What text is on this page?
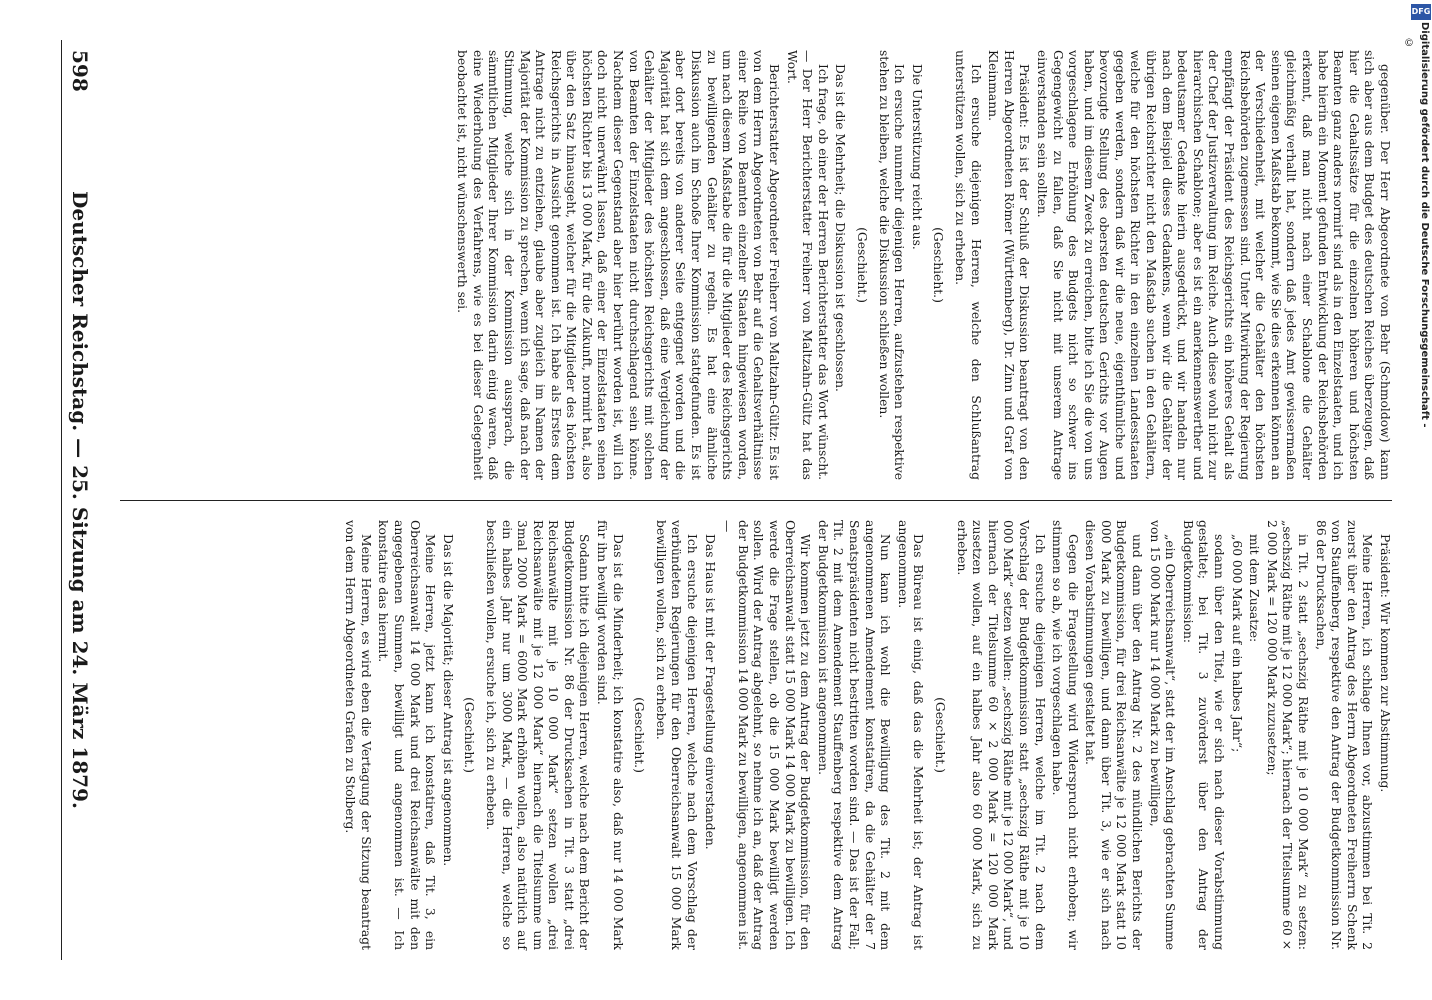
598
Deutscher Reichstag. — 25. Sitzung am 24. März 1879.	gegenüber. Der Herr Abgeordnete von Behr (Schmoldow) kann sich aber aus dem Budget des deutschen Reiches überzeugen, daß hier die Gehaltssätze für die einzelnen höheren und höchsten Beamten ganz anders normirt sind als in den Einzelstaaten, und ich habe hierin ein Moment gefunden Entwicklung der Reichsbehörden erkennt, daß man nicht nach einer Schablone die Gehälter gleichmäßig verhallt hat, sondern daß jedes Amt gewissermaßen seinen eigenen Maßstab bekommt, wie Sie dies erkennen können an der Verschiedenheit, mit welcher die Gehälter den höchsten Reichsbehörden zugemessen sind. Unter Mitwirkung der Regierung empfängt der Präsident des Reichsgerichts ein höheres Gehalt als der Chef der Justizverwaltung im Reiche. Auch diese wohl nicht zur hierarchischen Schablone; aber es ist ein anerkennenswerther und bedeutsamer Gedanke hierin ausgedrückt, und wir handeln nur nach dem Beispiel dieses Gedankens, wenn wir die Gehälter der übrigen Reichsrichter nicht den Maßstab suchen in den Gehältern, welche für den höchsten Richter in den einzelnen Landesstaaten gegeben werden, sondern daß wir die neue, eigenthümliche und bevorzugte Stellung des obersten deutschen Gerichts vor Augen haben, und im diesem Zweck zu erreichen, bitte ich Sie die von uns vorgeschlagene Erhöhung des Budgets nicht so schwer ins Gegengewicht zu fallen, daß Sie nicht mit unserem Antrage einverstanden sein sollten.

Präsident: Es ist der Schluß der Diskussion beantragt von den Herren Abgeordneten Römer (Württemberg), Dr. Zinn und Graf von Kleinmann.

Ich ersuche diejenigen Herren, welche den Schlußantrag unterstützen wollen, sich zu erheben.

(Geschieht.)

Die Unterstützung reicht aus.

Ich ersuche nunmehr diejenigen Herren, aufzustehen respektive stehen zu bleiben, welche die Diskussion schließen wollen.

(Geschieht.)

Das ist die Mehrheit; die Diskussion ist geschlossen.

Ich frage, ob einer der Herren Berichterstatter das Wort wünscht. — Der Herr Berichterstatter Freiherr von Maltzahn-Gültz hat das Wort.

Berichterstatter Abgeordneter Freiherr von Maltzahn-Gültz: Es ist von dem Herrn Abgeordneten von Behr auf die Gehaltsverhältnisse einer Reihe von Beamten einzelner Staaten hingewiesen worden, um nach diesem Maßstabe die für die Mitglieder des Reichsgerichts zu bewilligenden Gehälter zu regeln. Es hat eine ähnliche Diskussion auch im Schoße Ihrer Kommission stattgefunden. Es ist aber dort bereits von anderer Seite entgegnet worden und die Majorität hat sich dem angeschlossen, daß eine Vergleichung der Gehälter der Mitglieder des höchsten Reichsgerichts mit solchen von Beamten der Einzelstaaten nicht durchschlagend sein könne. Nachdem dieser Gegenstand aber hier berührt worden ist, will ich doch nicht unerwähnt lassen, daß einer der Einzelstaaten seinen höchsten Richter bis 13 000 Mark, für die Zukunft, normirt hat, also über den Satz hinausgeht, welcher für die Mitglieder des höchsten Reichsgerichts in Aussicht genommen ist. Ich habe als Erstes dem Antrage nicht zu entziehen, glaube aber zugleich im Namen der Majorität der Kommission zu sprechen, wenn ich sage, daß nach der Stimmung, welche sich in der Kommission aussprach, die sämmtlichen Mitglieder Ihrer Kommission darin einig waren, daß eine Wiederholung des Verfahrens, wie es bei dieser Gelegenheit beobachtet ist, nicht wünschenswerth sei.

Präsident: Wir kommen zur Abstimmung.

Meine Herren, ich schlage Ihnen vor, abzustimmen bei Tit. 2 zuerst über den Antrag des Herrn Abgeordneten Freiherrn Schenk von Stauffenberg, respektive den Antrag der Budgetkommission Nr. 86 der Drucksachen,

in Tit. 2 statt „sechszig Räthe mit je 10 000 Mark“ zu setzen: „sechszig Räthe mit je 12 000 Mark“; hiernach der Titelsumme 60 × 2 000 Mark = 120 000 Mark zuzusetzen;

mit dem Zusatze:

„60 000 Mark auf ein halbes Jahr“;

sodann über den Titel, wie er sich nach dieser Vorabstimmung gestaltet; bei Tit. 3 zuvörderst über den Antrag der Budgetkommission:

„ein Oberreichsanwalt“, statt der im Anschlag gebrachten Summe von 15 000 Mark nur 14 000 Mark zu bewilligen,

und dann über den Antrag Nr. 2 des mündlichen Berichts der Budgetkommission, für drei Reichsanwälte je 12 000 Mark statt 10 000 Mark zu bewilligen, und dann über Tit. 3, wie er sich nach diesen Vorabstimmungen gestaltet hat.

Gegen die Fragestellung wird Widerspruch nicht erhoben; wir stimmen so ab, wie ich vorgeschlagen habe.

Ich ersuche diejenigen Herren, welche im Tit. 2 nach dem Vorschlag der Budgetkommission statt „sechszig Räthe mit je 10 000 Mark“ setzen wollen: „sechszig Räthe mit je 12 000 Mark“, und hiernach der Titelsumme 60 × 2 000 Mark = 120 000 Mark zusetzen wollen, auf ein halbes Jahr also 60 000 Mark, sich zu erheben.

(Geschieht.)

Das Büreau ist einig, daß das die Mehrheit ist; der Antrag ist angenommen.

Nun kann ich wohl die Bewilligung des Tit. 2 mit dem angenommenen Amendement konstatiren, da die Gehälter der 7 Senatspräsidenten nicht bestritten worden sind. — Das ist der Fall; Tit. 2 mit dem Amendement Stauffenberg respektive dem Antrag der Budgetkommission ist angenommen.

Wir kommen jetzt zu dem Antrag der Budgetkommission, für den Oberreichsanwalt statt 15 000 Mark 14 000 Mark zu bewilligen. Ich werde die Frage stellen, ob die 15 000 Mark bewilligt werden sollen. Wird der Antrag abgelehnt, so nehme ich an, daß der Antrag der Budgetkommission 14 000 Mark zu bewilligen, angenommen ist. —

Das Haus ist mit der Fragestellung einverstanden.

Ich ersuche diejenigen Herren, welche nach dem Vorschlag der verbündeten Regierungen für den Oberreichsanwalt 15 000 Mark bewilligen wollen, sich zu erheben.

(Geschieht.)

Das ist die Minderheit; ich konstatire also, daß nur 14 000 Mark für ihn bewilligt worden sind.

Sodann bitte ich diejenigen Herren, welche nach dem Bericht der Budgetkommission Nr. 86 der Drucksachen in Tit. 3 statt „drei Reichsanwälte mit je 10 000 Mark“ setzen wollen „drei Reichsanwälte mit je 12 000 Mark“ hiernach die Titelsumme um 3mal 2000 Mark = 6000 Mark erhöhen wollen, also natürlich auf ein halbes Jahr nur um 3000 Mark, — die Herren, welche so beschließen wollen, ersuche ich, sich zu erheben.

(Geschieht.)

Das ist die Majorität; dieser Antrag ist angenommen.

Meine Herren, jetzt kann ich konstatiren, daß Tit. 3, ein Oberreichsanwalt 14 000 Mark und drei Reichsanwälte mit den angegebenen Summen, bewilligt und angenommen ist. — Ich konstatire das hiermit.

Meine Herren, es wird eben die Vertagung der Sitzung beantragt von dem Herrn Abgeordneten Grafen zu Stolberg.

DFG
Digitalisierung gefördert durch die Deutsche Forschungsgemeinschaft -
©
